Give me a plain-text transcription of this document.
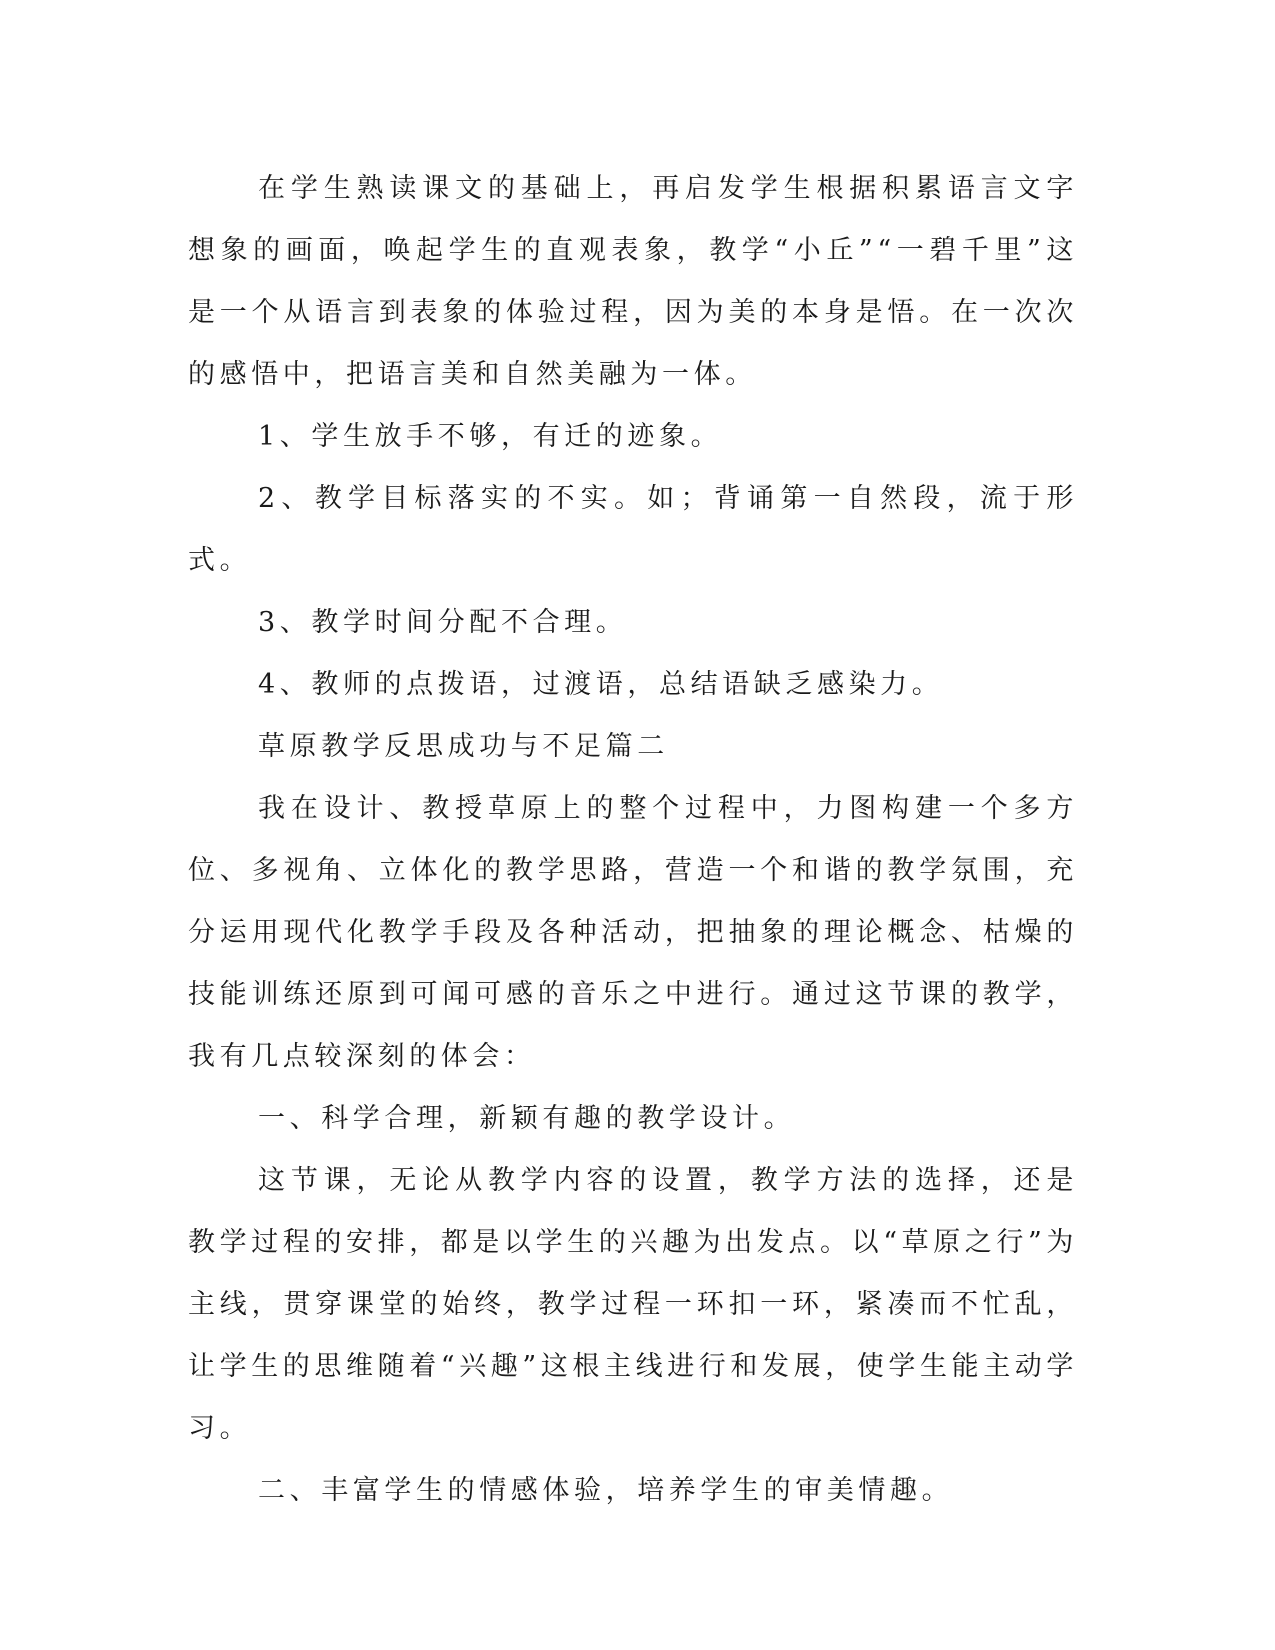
在学生熟读课文的基础上，再启发学生根据积累语言文字想象的画面，唤起学生的直观表象，教学“小丘”“一碧千里”这是一个从语言到表象的体验过程，因为美的本身是悟。在一次次的感悟中，把语言美和自然美融为一体。

1、学生放手不够，有迁的迹象。

2、教学目标落实的不实。如；背诵第一自然段，流于形式。

3、教学时间分配不合理。

4、教师的点拨语，过渡语，总结语缺乏感染力。

草原教学反思成功与不足篇二

我在设计、教授草原上的整个过程中，力图构建一个多方位、多视角、立体化的教学思路，营造一个和谐的教学氛围，充分运用现代化教学手段及各种活动，把抽象的理论概念、枯燥的技能训练还原到可闻可感的音乐之中进行。通过这节课的教学，我有几点较深刻的体会：

一、科学合理，新颖有趣的教学设计。

这节课，无论从教学内容的设置，教学方法的选择，还是教学过程的安排，都是以学生的兴趣为出发点。以“草原之行”为主线，贯穿课堂的始终，教学过程一环扣一环，紧凑而不忙乱，让学生的思维随着“兴趣”这根主线进行和发展，使学生能主动学习。

二、丰富学生的情感体验，培养学生的审美情趣。
